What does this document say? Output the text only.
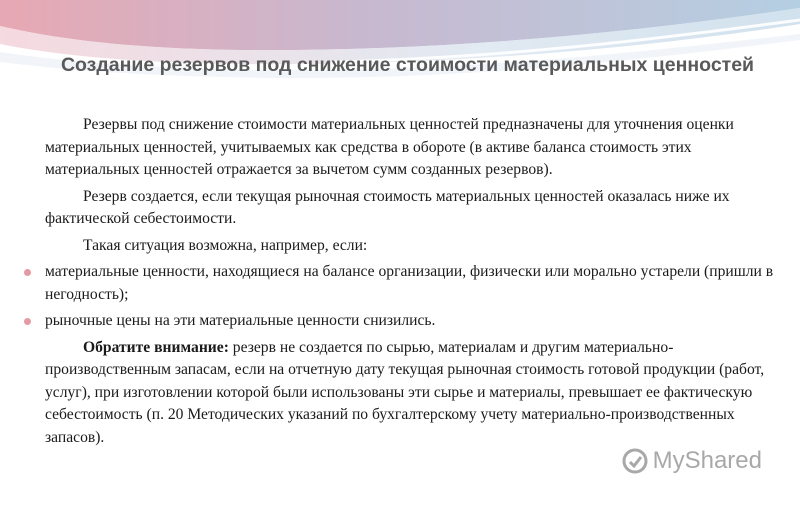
Создание резервов под снижение стоимости материальных ценностей

Резервы под снижение стоимости материальных ценностей предназначены для уточнения оценки материальных ценностей, учитываемых как средства в обороте (в активе баланса стоимость этих материальных ценностей отражается за вычетом сумм созданных резервов).

Резерв создается, если текущая рыночная стоимость материальных ценностей оказалась ниже их фактической себестоимости.

Такая ситуация возможна, например, если:

материальные ценности, находящиеся на балансе организации, физически или морально устарели (пришли в негодность);
рыночные цены на эти материальные ценности снизились.

Обратите внимание: резерв не создается по сырью, материалам и другим материально-производственным запасам, если на отчетную дату текущая рыночная стоимость готовой продукции (работ, услуг), при изготовлении которой были использованы эти сырье и материалы, превышает ее фактическую себестоимость (п. 20 Методических указаний по бухгалтерскому учету материально-производственных запасов).

MyShared
